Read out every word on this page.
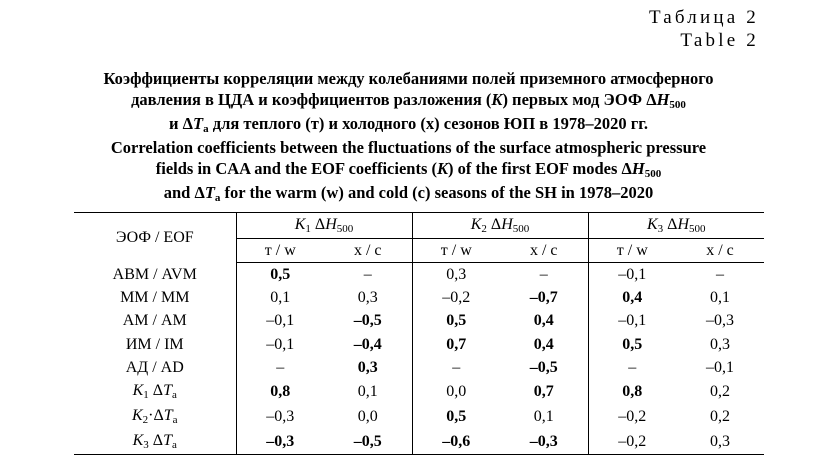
Таблица 2
Table 2
Коэффициенты корреляции между колебаниями полей приземного атмосферного
давления в ЦДА и коэффициентов разложения (K) первых мод ЭОФ $\Delta H_{500}$
и $\Delta T_a$ для теплого (т) и холодного (х) сезонов ЮП в 1978–2020 гг.
Correlation coefficients between the fluctuations of the surface atmospheric pressure
fields in CAA and the EOF coefficients (K) of the first EOF modes $\Delta H_{500}$
and $\Delta T_a$ for the warm (w) and cold (c) seasons of the SH in 1978–2020
ЭОФ / EOF	$K_1$ $\Delta H_{500}$		$K_2$ $\Delta H_{500}$		$K_3$ $\Delta H_{500}$
	т / w	х / c	т / w	х / c	т / w	х / c
АВМ / AVM	0,5	–	0,3	–	–0,1	–
ММ / MM	0,1	0,3	–0,2	–0,7	0,4	0,1
АМ / AM	–0,1	–0,5	0,5	0,4	–0,1	–0,3
ИМ / IM	–0,1	–0,4	0,7	0,4	0,5	0,3
АД / AD	–	0,3	–	–0,5	–	–0,1
$K_1$ $\Delta T_a$	0,8	0,1	0,0	0,7	0,8	0,2
$K_2\cdot\Delta T_a$	–0,3	0,0	0,5	0,1	–0,2	0,2
$K_3$ $\Delta T_a$	–0,3	–0,5	–0,6	–0,3	–0,2	0,3
